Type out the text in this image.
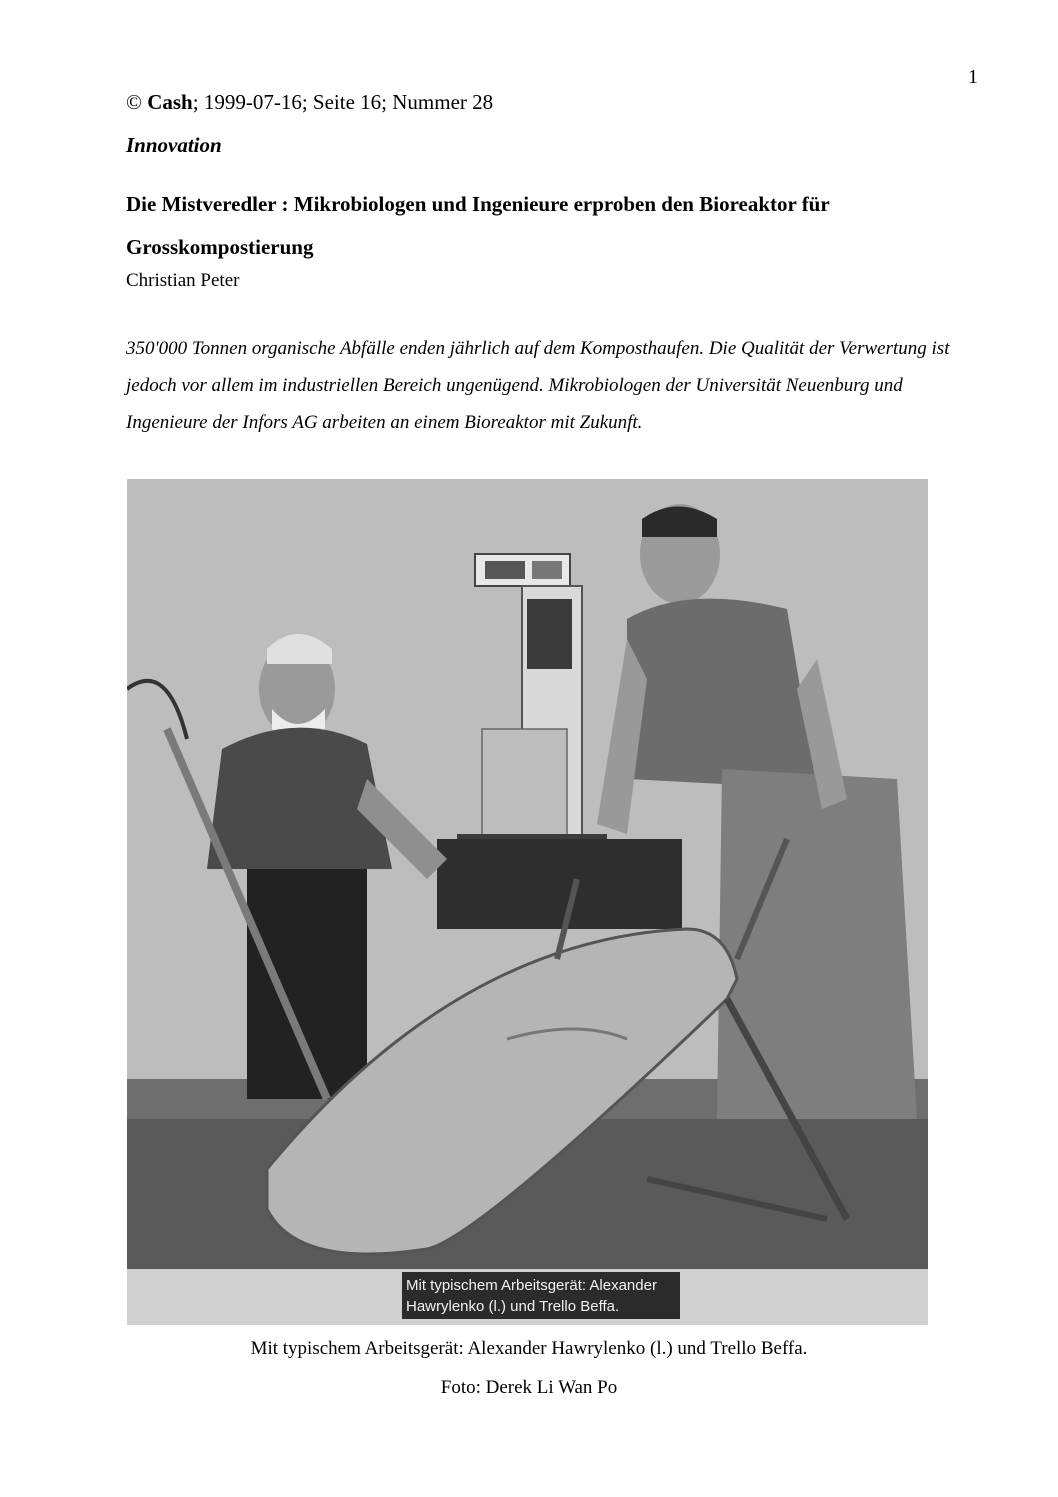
1
© Cash; 1999-07-16; Seite 16; Nummer 28
Innovation
Die Mistveredler : Mikrobiologen und Ingenieure erproben den Bioreaktor für Grosskompostierung
Christian Peter
350'000 Tonnen organische Abfälle enden jährlich auf dem Komposthaufen. Die Qualität der Verwertung ist jedoch vor allem im industriellen Bereich ungenügend. Mikrobiologen der Universität Neuenburg und Ingenieure der Infors AG arbeiten an einem Bioreaktor mit Zukunft.
Mit typischem Arbeitsgerät: Alexander
Hawrylenko (l.) und Trello Beffa.
Mit typischem Arbeitsgerät: Alexander Hawrylenko (l.) und Trello Beffa.
Foto: Derek Li Wan Po
